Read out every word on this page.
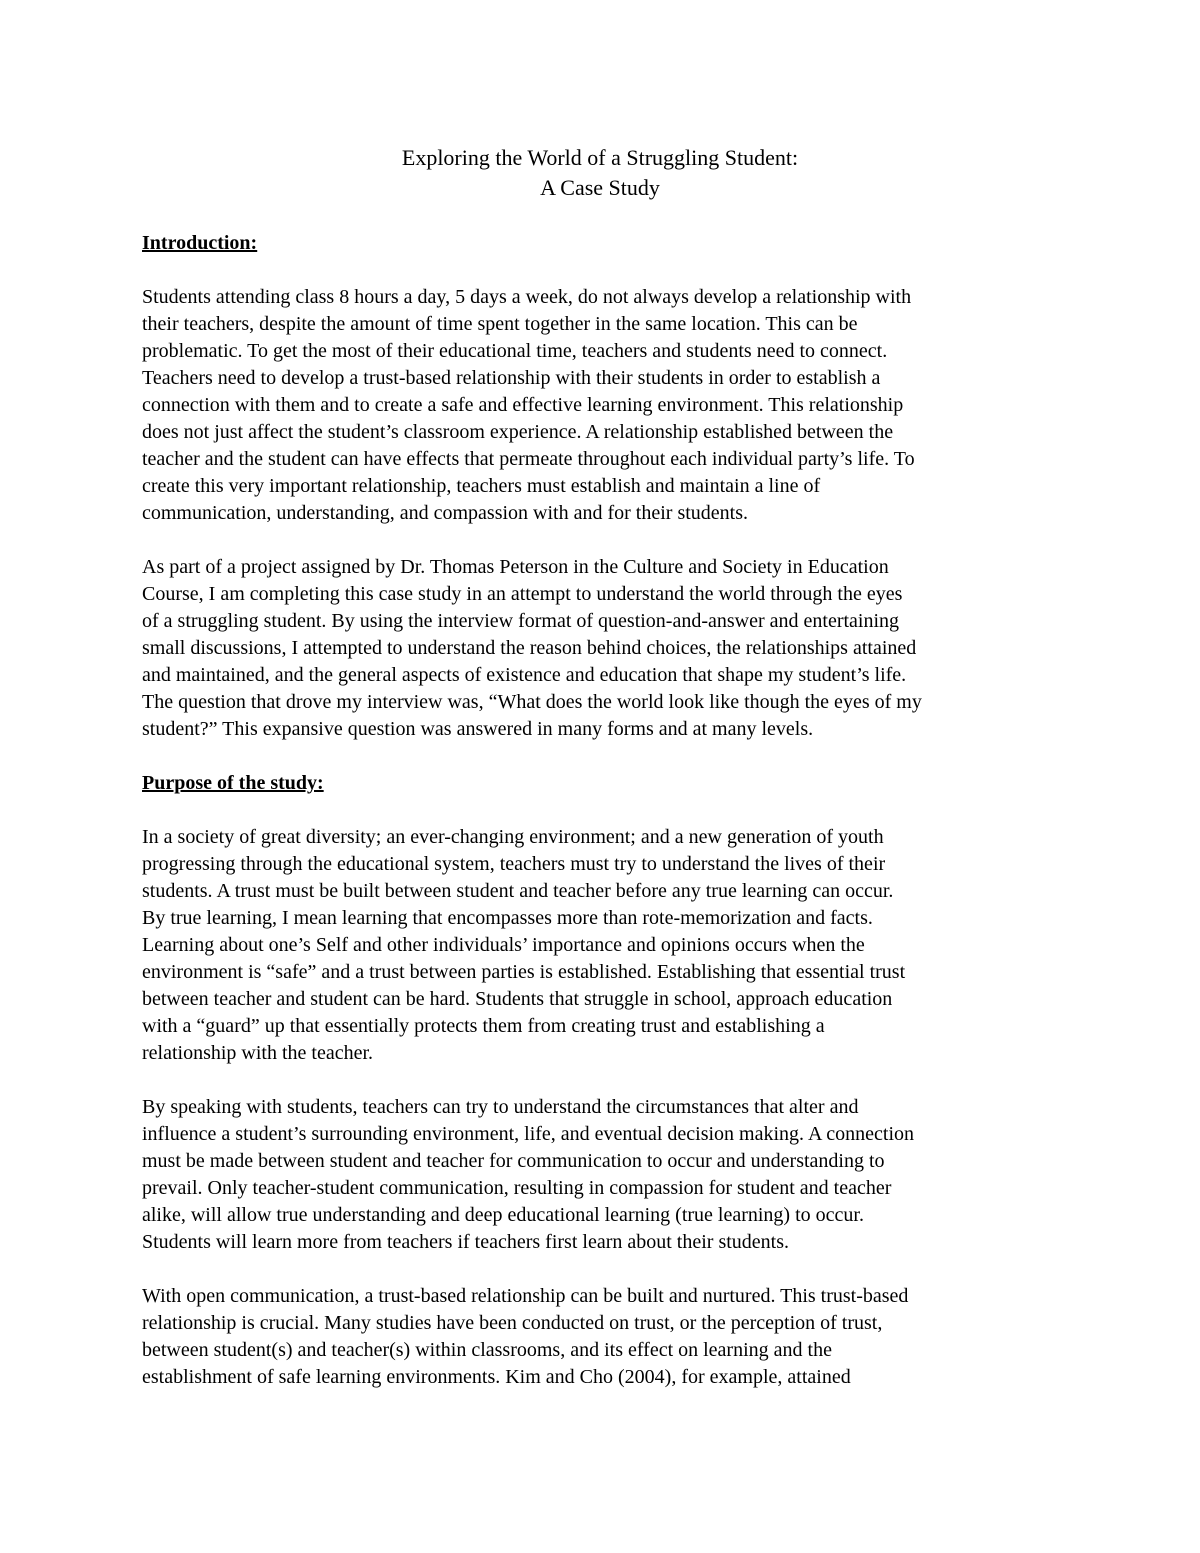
Exploring the World of a Struggling Student:
A Case Study
Introduction:
Students attending class 8 hours a day, 5 days a week, do not always develop a relationship with
their teachers, despite the amount of time spent together in the same location. This can be
problematic. To get the most of their educational time, teachers and students need to connect.
Teachers need to develop a trust-based relationship with their students in order to establish a
connection with them and to create a safe and effective learning environment. This relationship
does not just affect the student’s classroom experience. A relationship established between the
teacher and the student can have effects that permeate throughout each individual party’s life. To
create this very important relationship, teachers must establish and maintain a line of
communication, understanding, and compassion with and for their students.
As part of a project assigned by Dr. Thomas Peterson in the Culture and Society in Education
Course, I am completing this case study in an attempt to understand the world through the eyes
of a struggling student. By using the interview format of question-and-answer and entertaining
small discussions, I attempted to understand the reason behind choices, the relationships attained
and maintained, and the general aspects of existence and education that shape my student’s life.
The question that drove my interview was, “What does the world look like though the eyes of my
student?” This expansive question was answered in many forms and at many levels.
Purpose of the study:
In a society of great diversity; an ever-changing environment; and a new generation of youth
progressing through the educational system, teachers must try to understand the lives of their
students. A trust must be built between student and teacher before any true learning can occur.
By true learning, I mean learning that encompasses more than rote-memorization and facts.
Learning about one’s Self and other individuals’ importance and opinions occurs when the
environment is “safe” and a trust between parties is established. Establishing that essential trust
between teacher and student can be hard. Students that struggle in school, approach education
with a “guard” up that essentially protects them from creating trust and establishing a
relationship with the teacher.
By speaking with students, teachers can try to understand the circumstances that alter and
influence a student’s surrounding environment, life, and eventual decision making. A connection
must be made between student and teacher for communication to occur and understanding to
prevail. Only teacher-student communication, resulting in compassion for student and teacher
alike, will allow true understanding and deep educational learning (true learning) to occur.
Students will learn more from teachers if teachers first learn about their students.
With open communication, a trust-based relationship can be built and nurtured. This trust-based
relationship is crucial. Many studies have been conducted on trust, or the perception of trust,
between student(s) and teacher(s) within classrooms, and its effect on learning and the
establishment of safe learning environments. Kim and Cho (2004), for example, attained
